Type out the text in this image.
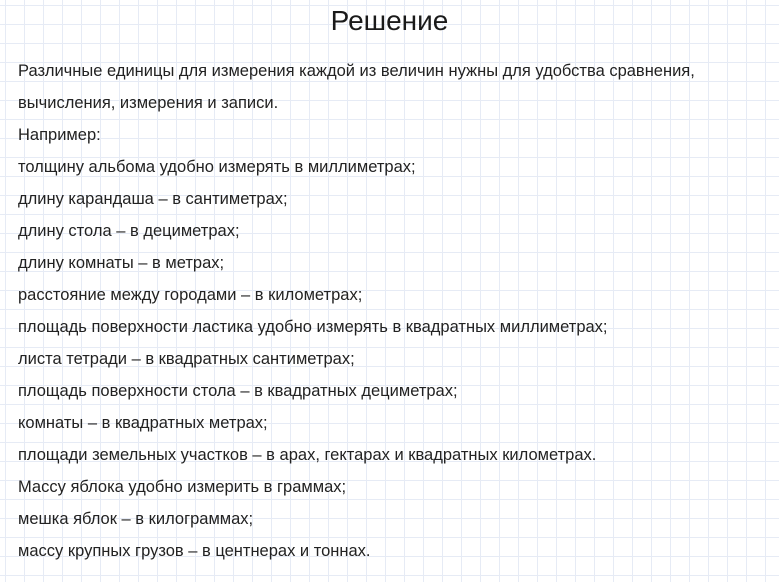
Решение
Различные единицы для измерения каждой из величин нужны для удобства сравнения,
вычисления, измерения и записи.
Например:
толщину альбома удобно измерять в миллиметрах;
длину карандаша – в сантиметрах;
длину стола – в дециметрах;
длину комнаты – в метрах;
расстояние между городами – в километрах;
площадь поверхности ластика удобно измерять в квадратных миллиметрах;
листа тетради – в квадратных сантиметрах;
площадь поверхности стола – в квадратных дециметрах;
комнаты – в квадратных метрах;
площади земельных участков – в арах, гектарах и квадратных километрах.
Массу яблока удобно измерить в граммах;
мешка яблок – в килограммах;
массу крупных грузов – в центнерах и тоннах.
